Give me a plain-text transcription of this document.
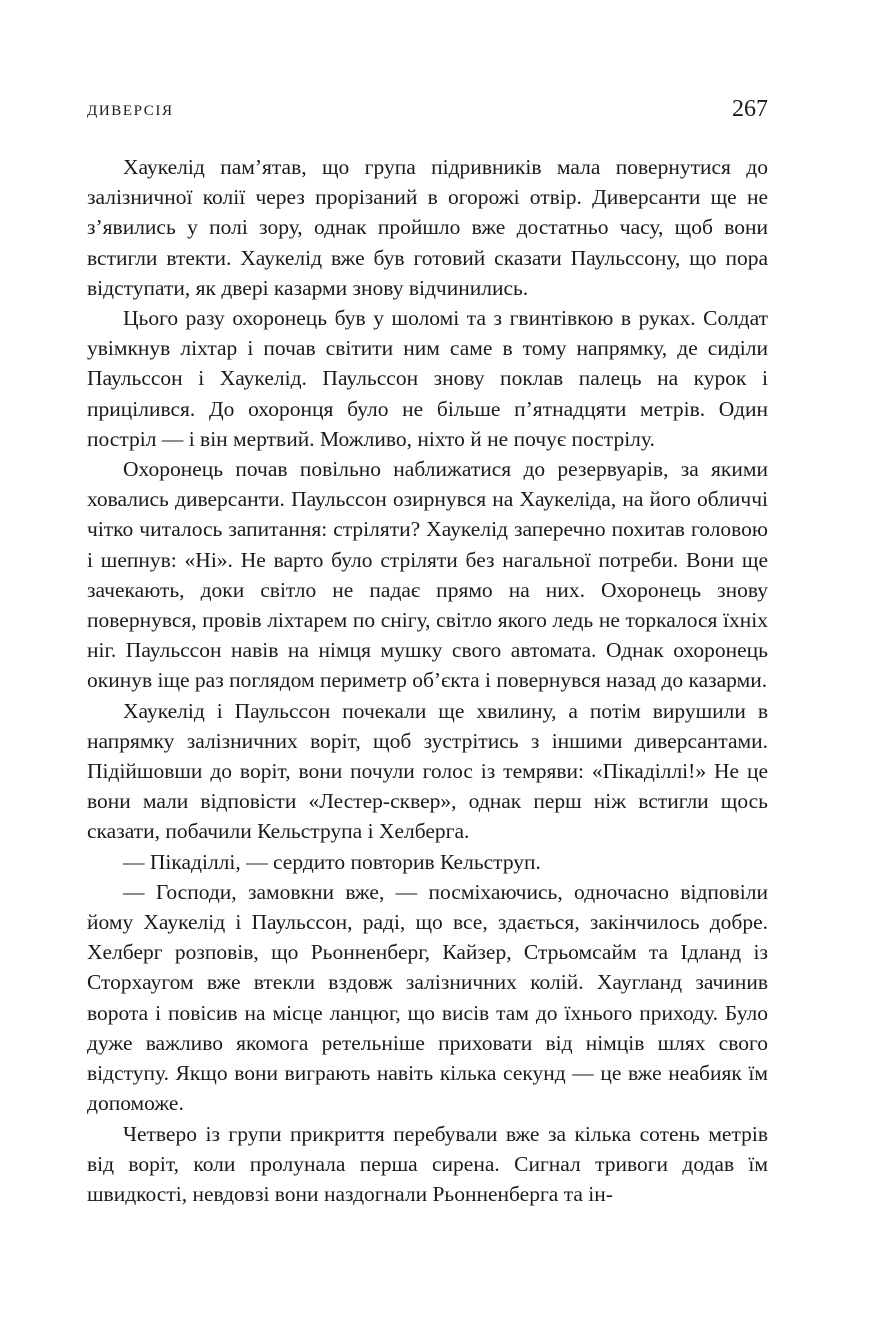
ДИВЕРСІЯ	267

Хаукелід пам’ятав, що група підривників мала повернутися до залізничної колії через прорізаний в огорожі отвір. Диверсанти ще не з’явились у полі зору, однак пройшло вже достатньо часу, щоб вони встигли втекти. Хаукелід вже був готовий сказати Паульссону, що пора відступати, як двері казарми знову відчинились.

Цього разу охоронець був у шоломі та з гвинтівкою в руках. Солдат увімкнув ліхтар і почав світити ним саме в тому напрямку, де сиділи Паульссон і Хаукелід. Паульссон знову поклав палець на курок і прицілився. До охоронця було не більше п’ятнадцяти метрів. Один постріл — і він мертвий. Можливо, ніхто й не почує пострілу.

Охоронець почав повільно наближатися до резервуарів, за якими ховались диверсанти. Паульссон озирнувся на Хаукеліда, на його обличчі чітко читалось запитання: стріляти? Хаукелід заперечно похитав головою і шепнув: «Ні». Не варто було стріляти без нагальної потреби. Вони ще зачекають, доки світло не падає прямо на них. Охоронець знову повернувся, провів ліхтарем по снігу, світло якого ледь не торкалося їхніх ніг. Паульссон навів на німця мушку свого автомата. Однак охоронець окинув іще раз поглядом периметр об’єкта і повернувся назад до казарми.

Хаукелід і Паульссон почекали ще хвилину, а потім вирушили в напрямку залізничних воріт, щоб зустрітись з іншими диверсантами. Підійшовши до воріт, вони почули голос із темряви: «Пікаділлі!» Не це вони мали відповісти «Лестер-сквер», однак перш ніж встигли щось сказати, побачили Кельструпа і Хелберга.

— Пікаділлі, — сердито повторив Кельструп.

— Господи, замовкни вже, — посміхаючись, одночасно відповіли йому Хаукелід і Паульссон, раді, що все, здається, закінчилось добре. Хелберг розповів, що Рьонненберг, Кайзер, Стрьомсайм та Ідланд із Сторхаугом вже втекли вздовж залізничних колій. Хаугланд зачинив ворота і повісив на місце ланцюг, що висів там до їхнього приходу. Було дуже важливо якомога ретельніше приховати від німців шлях свого відступу. Якщо вони виграють навіть кілька секунд — це вже неабияк їм допоможе.

Четверо із групи прикриття перебували вже за кілька сотень метрів від воріт, коли пролунала перша сирена. Сигнал тривоги додав їм швидкості, невдовзі вони наздогнали Рьонненберга та ін-
